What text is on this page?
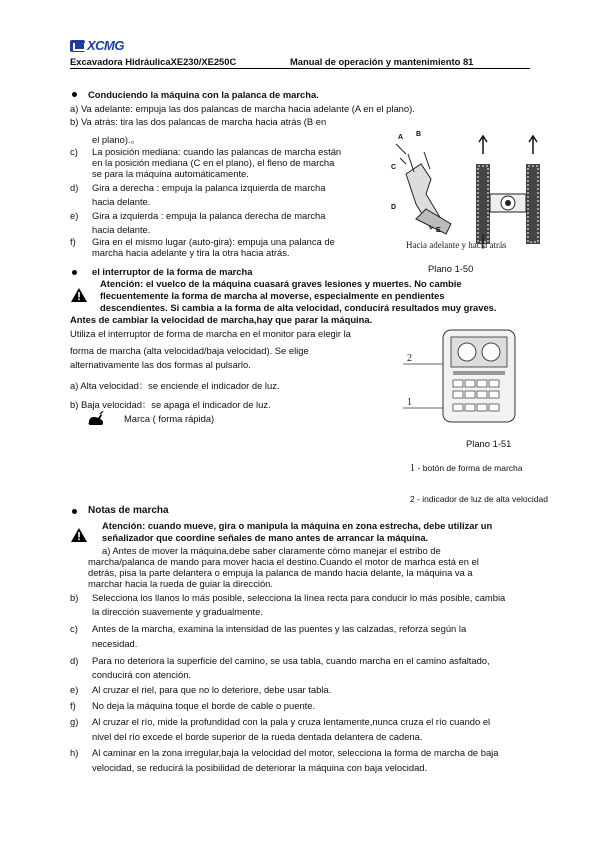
XCMG
Excavadora HidráulicaXE230/XE250C	Manual de operación y mantenimiento 81
Conduciendo la máquina con la palanca de marcha.
a) Va adelante: empuja las dos palancas de marcha hacia adelante (A en el plano).
b) Va atrás: tira las dos palancas de marcha hacia atrás (B en
el plano).。
c)	La posición mediana: cuando las palancas de marcha están
en la posición mediana (C en el plano), el fleno de marcha
se para la máquina automáticamente.
d)	Gira a derecha : empuja la palanca izquierda de marcha
hacia delante.
e)	Gira a izquierda : empuja la palanca derecha de marcha
hacia delante.
f)	Gira en el mismo lugar (auto-gira): empuja una palanca de
marcha hacia adelante y tira la otra hacia atrás.
A B
C
D
E
Hacia adelante y hacia atrás
Plano 1-50
el interruptor de la forma de marcha
Atención: el vuelco de la máquina cuasará graves lesiones y muertes. No cambie
flecuentemente la forma de marcha al moverse, especialmente en pendientes
descendientes. Si cambia a la forma de alta velocidad, conducirá resultados muy graves.
Antes de cambiar la velocidad de marcha,hay que parar la máquina.
Utiliza el interruptor de forma de marcha en el monitor para elegir la
forma de marcha (alta velocidad/baja velocidad). Se elige
alternativamente las dos formas al pulsarlo.
a) Alta velocidad：se enciende el indicador de luz.
b) Baja velocidad：se apaga el indicador de luz.
Marca ( forma rápida)
2
1
Plano 1-51
1 - botón de forma de marcha
2 - indicador de luz de alta velocidad
Notas de marcha
Atención: cuando mueve, gira o manipula la máquina en zona estrecha, debe utilizar un
señalizador que coordine señales de mano antes de arrancar la máquina.
a) Antes de mover la máquina,debe saber claramente cómo manejar el estribo de
marcha/palanca de mando para mover hacia el destino.Cuando el motor de marhca está en el
detrás, pisa la parte delantera o empuja la palanca de mando hacia delante, la máquina va a
marchar hacia la rueda de guiar la dirección.
b)	Selecciona los llanos lo más posible, selecciona la línea recta para conducir lo más posible, cambia
la dirección suavemente y gradualmente.
c)	Antes de la marcha, examina la intensidad de las puentes y las calzadas, reforza según la
necesidad.
d)	Para no deteriora la superficie del camino, se usa tabla, cuando marcha en el camino asfaltado,
conducirá con atención.
e)	Al cruzar el riel, para que no lo deteriore, debe usar tabla.
f)	No deja la máquina toque el borde de cable o puente.
g)	Al cruzar el río, mide la profundidad con la pala y cruza lentamente,nunca cruza el río cuando el
nivel del río excede el borde superior de la rueda dentada delantera de cadena.
h)	Al caminar en la zona irregular,baja la velocidad del motor, selecciona la forma de marcha de baja
velocidad, se reducirá la posibilidad de deteriorar la máquina con baja velocidad.
